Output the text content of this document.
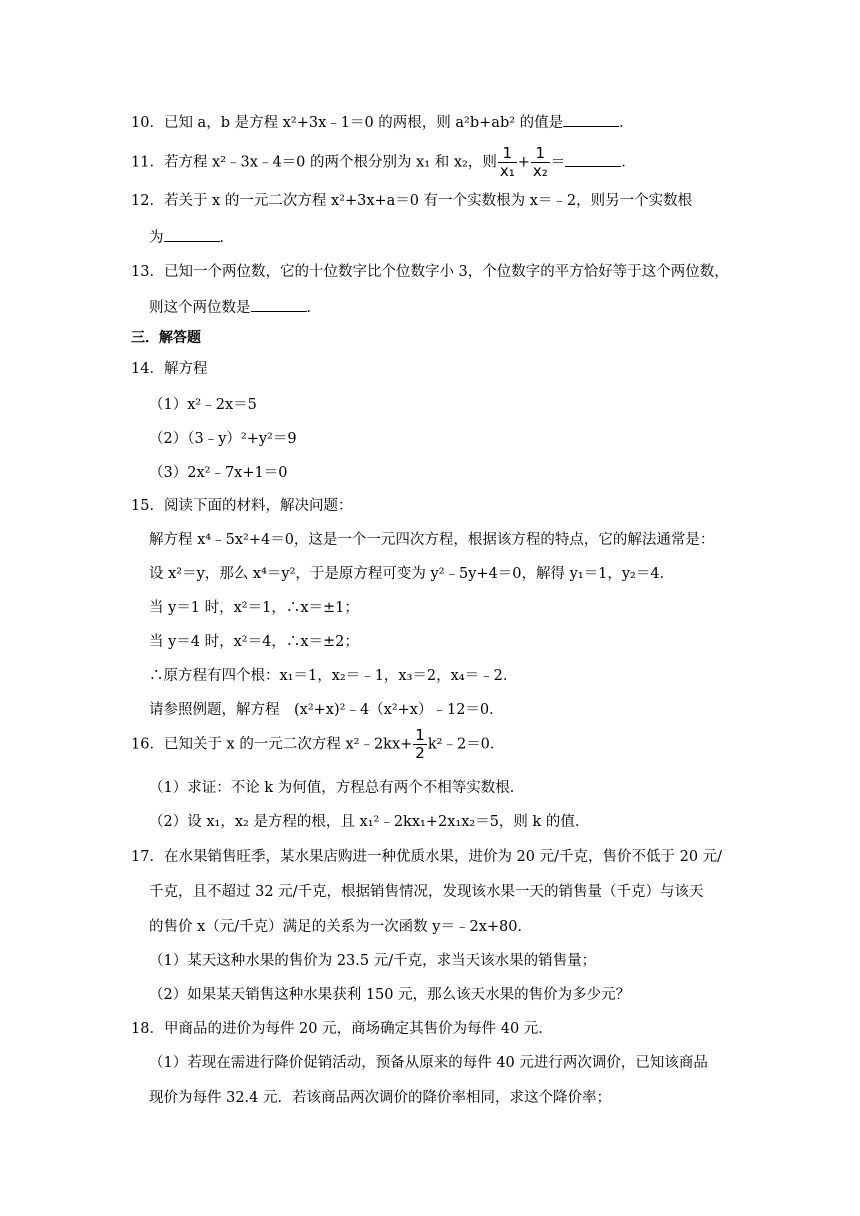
10．已知 a，b 是方程 x²+3x﹣1＝0 的两根，则 a²b+ab² 的值是	．
11．若方程 x²﹣3x﹣4＝0 的两个根分别为 x₁ 和 x₂，则 $\frac{1}{\text{x₁}} + \frac{1}{\text{x₂}}$ ＝	．
12．若关于 x 的一元二次方程 x²+3x+a＝0 有一个实数根为 x＝﹣2，则另一个实数根
为	．
13．已知一个两位数，它的十位数字比个位数字小 3，个位数字的平方恰好等于这个两位数，
则这个两位数是	．
三．解答题
14．解方程
（1）x²﹣2x＝5
（2）（3﹣y）²+y²＝9
（3）2x²﹣7x+1＝0
15．阅读下面的材料，解决问题：
解方程 x⁴﹣5x²+4＝0，这是一个一元四次方程，根据该方程的特点，它的解法通常是：
设 x²＝y，那么 x⁴＝y²，于是原方程可变为 y²﹣5y+4＝0，解得 y₁＝1，y₂＝4．
当 y＝1 时，x²＝1，∴x＝±1；
当 y＝4 时，x²＝4，∴x＝±2；
∴原方程有四个根：x₁＝1，x₂＝﹣1，x₃＝2，x₄＝﹣2．
请参照例题，解方程　(x²+x)²﹣4（x²+x）﹣12＝0．
16．已知关于 x 的一元二次方程 x²﹣2kx+ $\frac{1}{2}$ k²﹣2＝0．
（1）求证：不论 k 为何值，方程总有两个不相等实数根．
（2）设 x₁，x₂ 是方程的根，且 x₁²﹣2kx₁+2x₁x₂＝5，则 k 的值．
17．在水果销售旺季，某水果店购进一种优质水果，进价为 20 元/千克，售价不低于 20 元/
千克，且不超过 32 元/千克，根据销售情况，发现该水果一天的销售量（千克）与该天
的售价 x（元/千克）满足的关系为一次函数 y＝﹣2x+80．
（1）某天这种水果的售价为 23.5 元/千克，求当天该水果的销售量；
（2）如果某天销售这种水果获利 150 元，那么该天水果的售价为多少元？
18．甲商品的进价为每件 20 元，商场确定其售价为每件 40 元．
（1）若现在需进行降价促销活动，预备从原来的每件 40 元进行两次调价，已知该商品
现价为每件 32.4 元．若该商品两次调价的降价率相同，求这个降价率；
